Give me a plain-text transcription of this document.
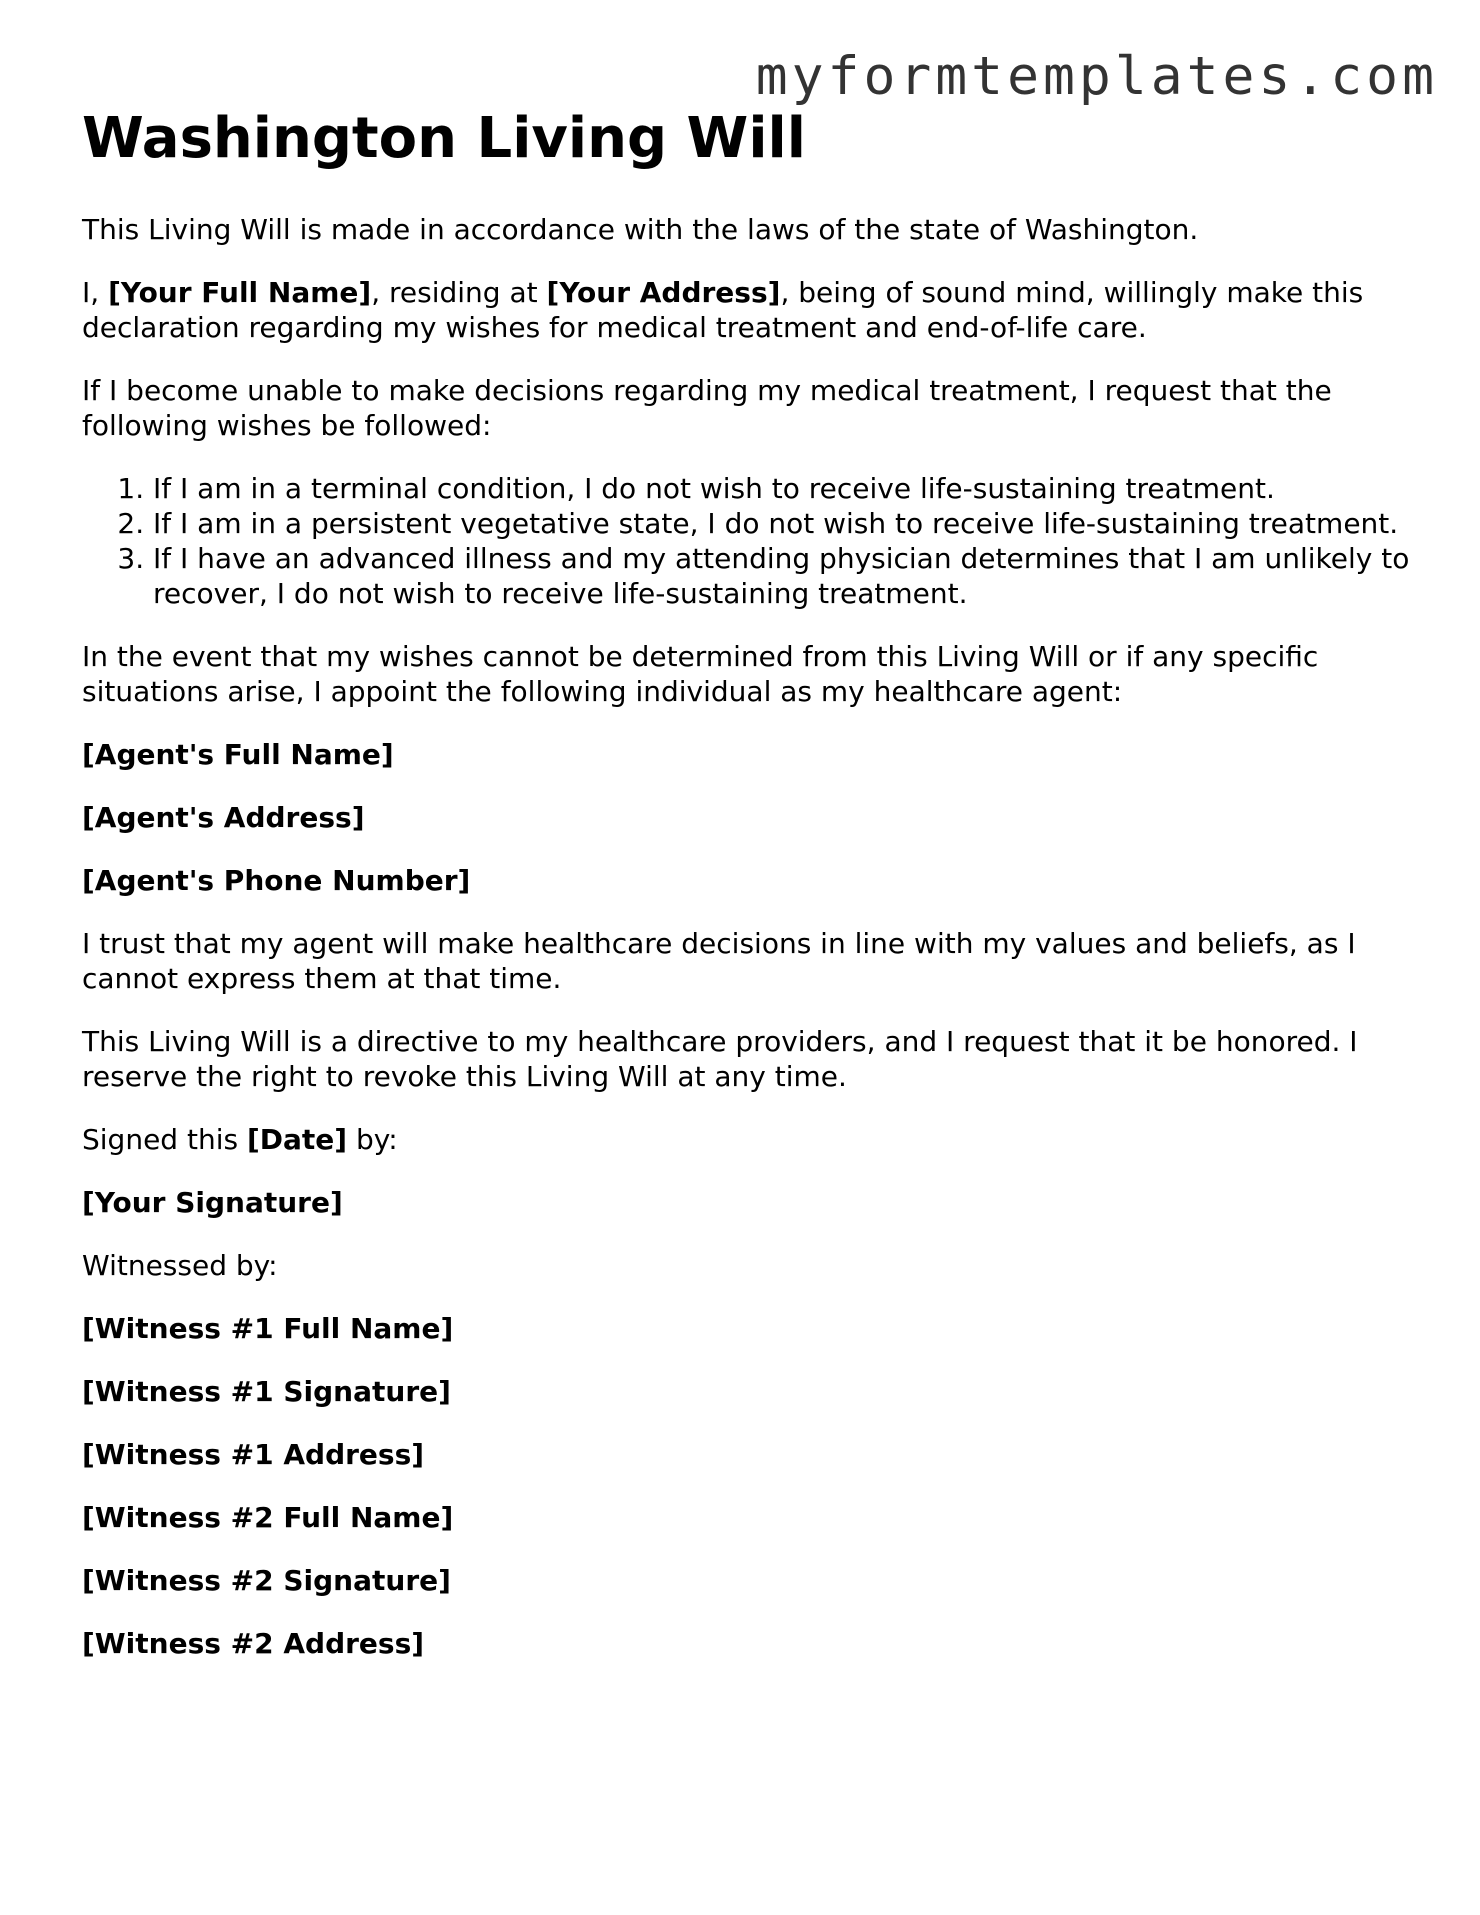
myformtemplates.com
Washington Living Will

This Living Will is made in accordance with the laws of the state of Washington.

I, [Your Full Name], residing at [Your Address], being of sound mind, willingly make this declaration regarding my wishes for medical treatment and end-of-life care.

If I become unable to make decisions regarding my medical treatment, I request that the following wishes be followed:

1. If I am in a terminal condition, I do not wish to receive life-sustaining treatment.
2. If I am in a persistent vegetative state, I do not wish to receive life-sustaining treatment.
3. If I have an advanced illness and my attending physician determines that I am unlikely to recover, I do not wish to receive life-sustaining treatment.

In the event that my wishes cannot be determined from this Living Will or if any specific situations arise, I appoint the following individual as my healthcare agent:

[Agent's Full Name]

[Agent's Address]

[Agent's Phone Number]

I trust that my agent will make healthcare decisions in line with my values and beliefs, as I cannot express them at that time.

This Living Will is a directive to my healthcare providers, and I request that it be honored. I reserve the right to revoke this Living Will at any time.

Signed this [Date] by:

[Your Signature]

Witnessed by:

[Witness #1 Full Name]

[Witness #1 Signature]

[Witness #1 Address]

[Witness #2 Full Name]

[Witness #2 Signature]

[Witness #2 Address]
